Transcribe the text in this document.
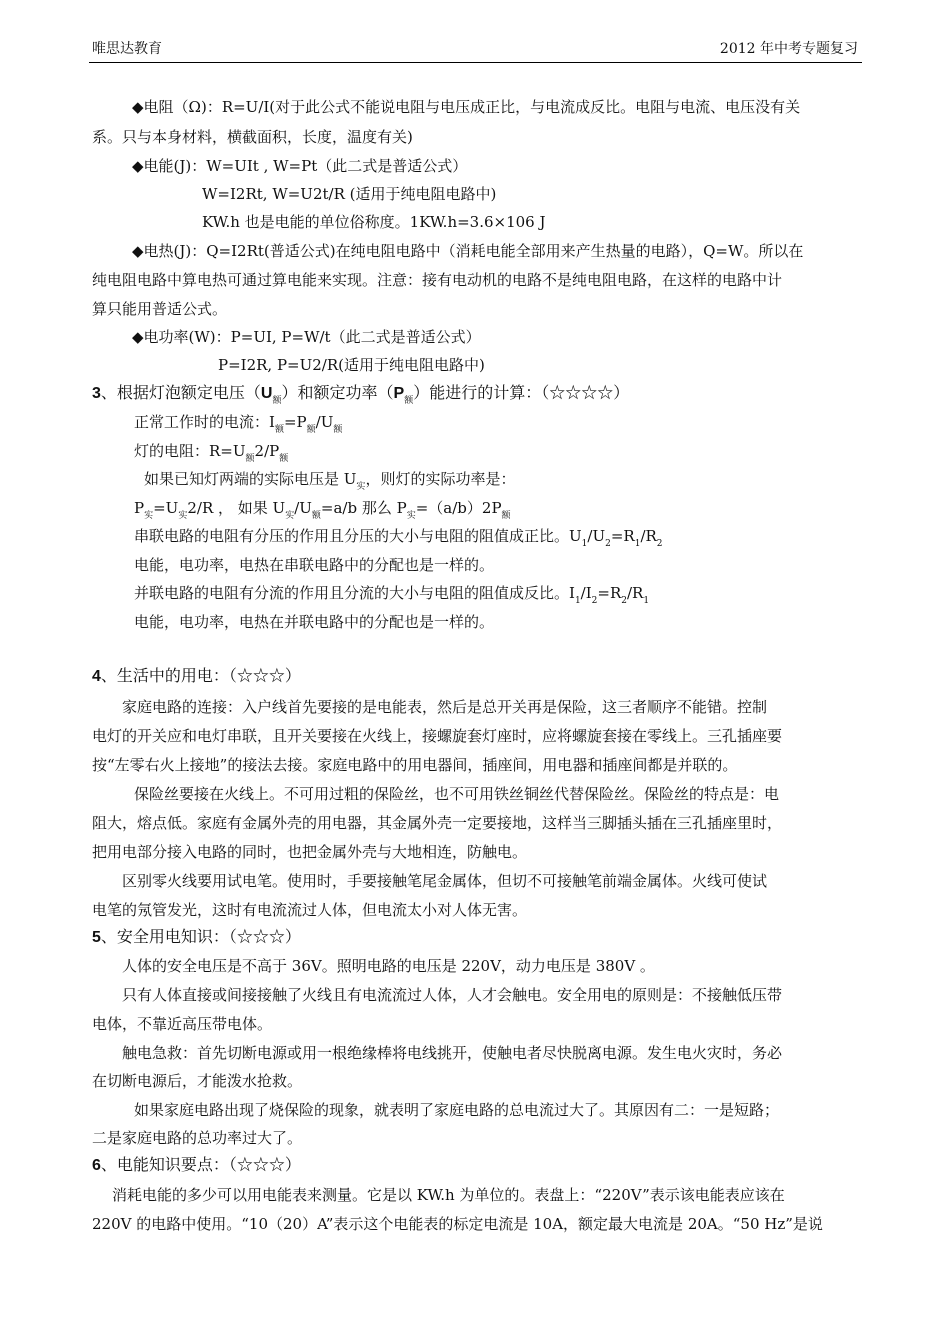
唯思达教育	2012 年中考专题复习
◆电阻（Ω)：R=U/I(对于此公式不能说电阻与电压成正比，与电流成反比。电阻与电流、电压没有关
系。只与本身材料，横截面积，长度，温度有关)
◆电能(J)：W=UIt , W=Pt（此二式是普适公式）
W=I2Rt, W=U2t/R (适用于纯电阻电路中)
KW.h 也是电能的单位俗称度。1KW.h=3.6×106 J
◆电热(J)：Q=I2Rt(普适公式)在纯电阻电路中（消耗电能全部用来产生热量的电路），Q=W。所以在
纯电阻电路中算电热可通过算电能来实现。注意：接有电动机的电路不是纯电阻电路，在这样的电路中计
算只能用普适公式。
◆电功率(W)：P=UI, P=W/t（此二式是普适公式）
P=I2R, P=U2/R(适用于纯电阻电路中)
3、根据灯泡额定电压$(U_额)$和额定功率$(P_额)$能进行的计算：（☆☆☆☆）
正常工作时的电流：$I_额=P_额/U_额$
灯的电阻：$R=U_额2/P_额$
如果已知灯两端的实际电压是 $U_实$，则灯的实际功率是：
$P_实=U_实2/R$ ， 如果 $U_实/U_额=a/b$ 那么 $P_实=(a/b)2P_额$
串联电路的电阻有分压的作用且分压的大小与电阻的阻值成正比。$U_1/U_2=R_1/R_2$
电能，电功率，电热在串联电路中的分配也是一样的。
并联电路的电阻有分流的作用且分流的大小与电阻的阻值成反比。$I_1/I_2=R_2/R_1$
电能，电功率，电热在并联电路中的分配也是一样的。
4、生活中的用电：（☆☆☆）
家庭电路的连接：入户线首先要接的是电能表，然后是总开关再是保险，这三者顺序不能错。控制
电灯的开关应和电灯串联，且开关要接在火线上，接螺旋套灯座时，应将螺旋套接在零线上。三孔插座要
按“左零右火上接地”的接法去接。家庭电路中的用电器间，插座间，用电器和插座间都是并联的。
保险丝要接在火线上。不可用过粗的保险丝，也不可用铁丝铜丝代替保险丝。保险丝的特点是：电
阻大，熔点低。家庭有金属外壳的用电器，其金属外壳一定要接地，这样当三脚插头插在三孔插座里时，
把用电部分接入电路的同时，也把金属外壳与大地相连，防触电。
区别零火线要用试电笔。使用时，手要接触笔尾金属体，但切不可接触笔前端金属体。火线可使试
电笔的氖管发光，这时有电流流过人体，但电流太小对人体无害。
5、安全用电知识：（☆☆☆）
人体的安全电压是不高于 36V。照明电路的电压是 220V，动力电压是 380V 。
只有人体直接或间接接触了火线且有电流流过人体，人才会触电。安全用电的原则是：不接触低压带
电体，不靠近高压带电体。
触电急救：首先切断电源或用一根绝缘棒将电线挑开，使触电者尽快脱离电源。发生电火灾时，务必
在切断电源后，才能泼水抢救。
如果家庭电路出现了烧保险的现象，就表明了家庭电路的总电流过大了。其原因有二：一是短路；
二是家庭电路的总功率过大了。
6、电能知识要点：（☆☆☆）
消耗电能的多少可以用电能表来测量。它是以 KW.h 为单位的。表盘上：“220V”表示该电能表应该在
220V 的电路中使用。“10（20）A”表示这个电能表的标定电流是 10A，额定最大电流是 20A。“50 Hz”是说
